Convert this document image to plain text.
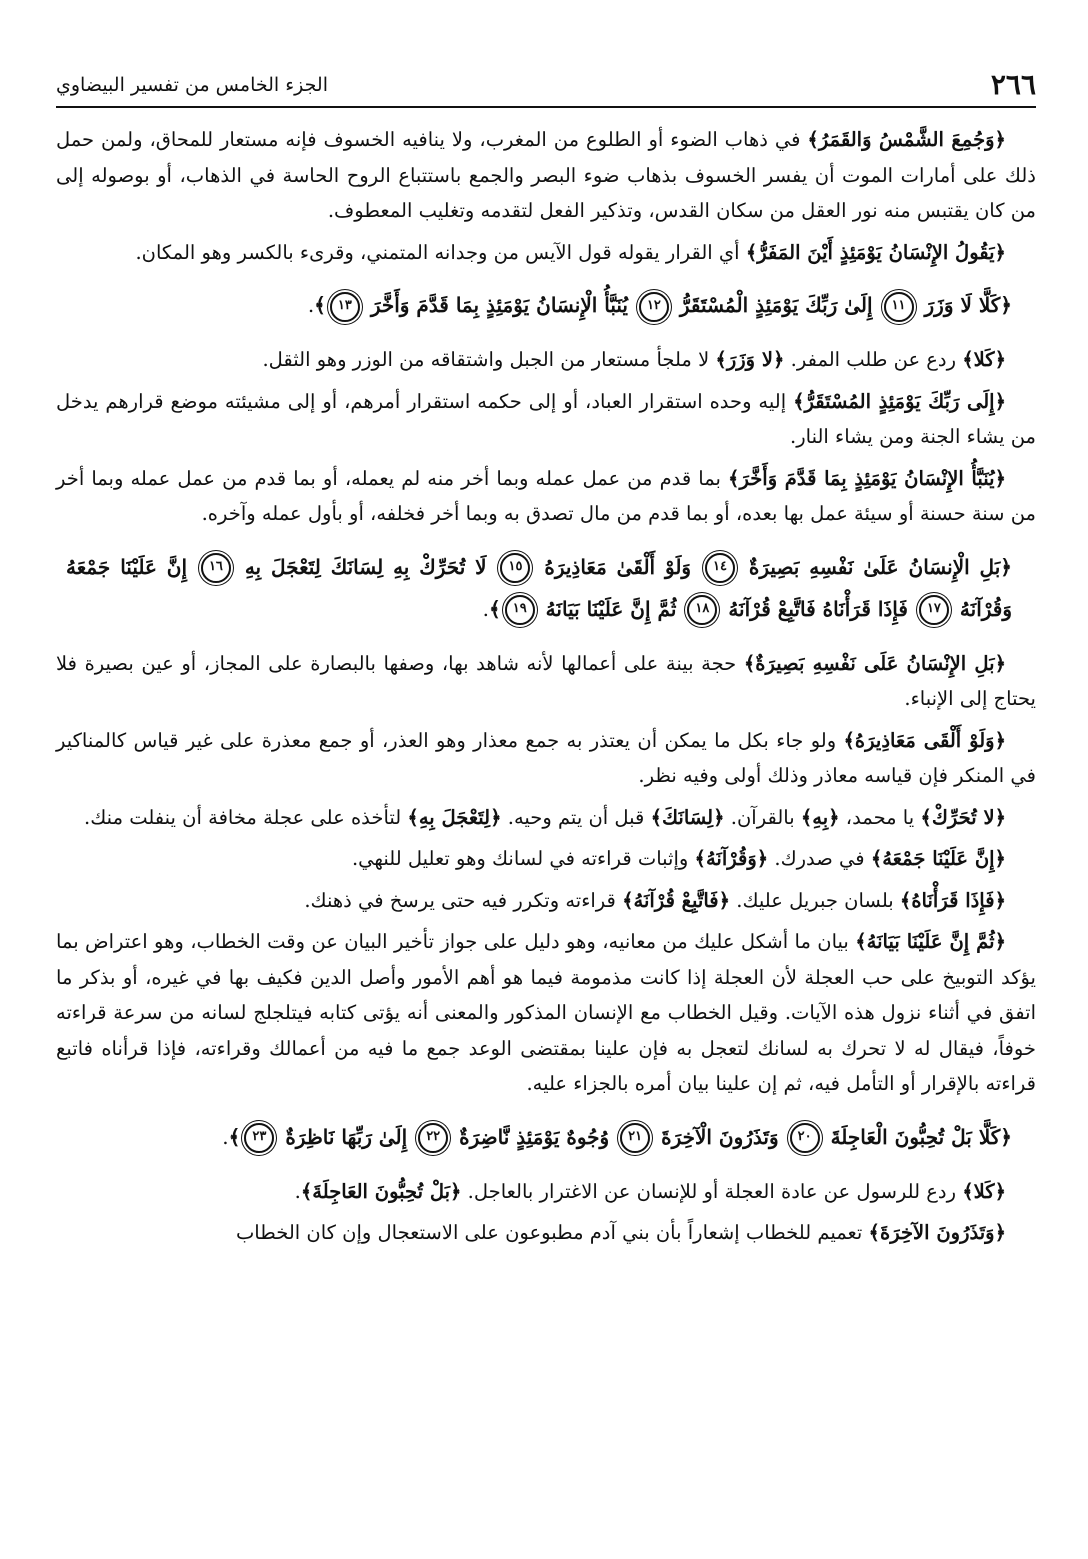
٢٦٦
الجزء الخامس من تفسير البيضاوي

﴿وَجُمِعَ الشَّمْسُ وَالقَمَرُ﴾ في ذهاب الضوء أو الطلوع من المغرب، ولا ينافيه الخسوف فإنه مستعار للمحاق، ولمن حمل ذلك على أمارات الموت أن يفسر الخسوف بذهاب ضوء البصر والجمع باستتباع الروح الحاسة في الذهاب، أو بوصوله إلى من كان يقتبس منه نور العقل من سكان القدس، وتذكير الفعل لتقدمه وتغليب المعطوف.

﴿يَقُولُ الإِنْسَانُ يَوْمَئِذٍ أَيْنَ المَفَرُّ﴾ أي القرار يقوله قول الآيس من وجدانه المتمني، وقرىء بالكسر وهو المكان.

﴿كَلَّا لَا وَزَرَ ١١ إِلَىٰ رَبِّكَ يَوْمَئِذٍ الْمُسْتَقَرُّ ١٢ يُنَبَّأُ الْإِنسَانُ يَوْمَئِذٍ بِمَا قَدَّمَ وَأَخَّرَ ١٣﴾.

﴿كَلا﴾ ردع عن طلب المفر. ﴿لا وَزَرَ﴾ لا ملجأ مستعار من الجبل واشتقاقه من الوزر وهو الثقل.

﴿إِلَى رَبِّكَ يَوْمَئِذٍ المُسْتَقَرُّ﴾ إليه وحده استقرار العباد، أو إلى حكمه استقرار أمرهم، أو إلى مشيئته موضع قرارهم يدخل من يشاء الجنة ومن يشاء النار.

﴿يُنَبَّأُ الإِنْسَانُ يَوْمَئِذٍ بِمَا قَدَّمَ وَأَخَّرَ﴾ بما قدم من عمل عمله وبما أخر منه لم يعمله، أو بما قدم من عمل عمله وبما أخر من سنة حسنة أو سيئة عمل بها بعده، أو بما قدم من مال تصدق به وبما أخر فخلفه، أو بأول عمله وآخره.

﴿بَلِ الْإِنسَانُ عَلَىٰ نَفْسِهِ بَصِيرَةٌ ١٤ وَلَوْ أَلْقَىٰ مَعَاذِيرَهُ ١٥ لَا تُحَرِّكْ بِهِ لِسَانَكَ لِتَعْجَلَ بِهِ ١٦ إِنَّ عَلَيْنَا جَمْعَهُ وَقُرْآنَهُ ١٧ فَإِذَا قَرَأْنَاهُ فَاتَّبِعْ قُرْآنَهُ ١٨ ثُمَّ إِنَّ عَلَيْنَا بَيَانَهُ ١٩﴾.

﴿بَلِ الإِنْسَانُ عَلَى نَفْسِهِ بَصِيرَةٌ﴾ حجة بينة على أعمالها لأنه شاهد بها، وصفها بالبصارة على المجاز، أو عين بصيرة فلا يحتاج إلى الإنباء.

﴿وَلَوْ أَلْقَى مَعَاذِيرَهُ﴾ ولو جاء بكل ما يمكن أن يعتذر به جمع معذار وهو العذر، أو جمع معذرة على غير قياس كالمناكير في المنكر فإن قياسه معاذر وذلك أولى وفيه نظر.

﴿لا تُحَرِّكْ﴾ يا محمد، ﴿بِهِ﴾ بالقرآن. ﴿لِسَانَكَ﴾ قبل أن يتم وحيه. ﴿لِتَعْجَلَ بِهِ﴾ لتأخذه على عجلة مخافة أن ينفلت منك.

﴿إِنَّ عَلَيْنَا جَمْعَهُ﴾ في صدرك. ﴿وَقُرْآنَهُ﴾ وإثبات قراءته في لسانك وهو تعليل للنهي.

﴿فَإِذَا قَرَأْنَاهُ﴾ بلسان جبريل عليك. ﴿فَاتَّبِعْ قُرْآنَهُ﴾ قراءته وتكرر فيه حتى يرسخ في ذهنك.

﴿ثُمَّ إِنَّ عَلَيْنَا بَيَانَهُ﴾ بيان ما أشكل عليك من معانيه، وهو دليل على جواز تأخير البيان عن وقت الخطاب، وهو اعتراض بما يؤكد التوبيخ على حب العجلة لأن العجلة إذا كانت مذمومة فيما هو أهم الأمور وأصل الدين فكيف بها في غيره، أو بذكر ما اتفق في أثناء نزول هذه الآيات. وقيل الخطاب مع الإنسان المذكور والمعنى أنه يؤتى كتابه فيتلجلج لسانه من سرعة قراءته خوفاً، فيقال له لا تحرك به لسانك لتعجل به فإن علينا بمقتضى الوعد جمع ما فيه من أعمالك وقراءته، فإذا قرأناه فاتبع قراءته بالإقرار أو التأمل فيه، ثم إن علينا بيان أمره بالجزاء عليه.

﴿كَلَّا بَلْ تُحِبُّونَ الْعَاجِلَةَ ٢٠ وَتَذَرُونَ الْآخِرَةَ ٢١ وُجُوهٌ يَوْمَئِذٍ نَّاضِرَةٌ ٢٢ إِلَىٰ رَبِّهَا نَاظِرَةٌ ٢٣﴾.

﴿كَلا﴾ ردع للرسول عن عادة العجلة أو للإنسان عن الاغترار بالعاجل. ﴿بَلْ تُحِبُّونَ العَاجِلَةَ﴾.

﴿وَتَذَرُونَ الآخِرَةَ﴾ تعميم للخطاب إشعاراً بأن بني آدم مطبوعون على الاستعجال وإن كان الخطاب
